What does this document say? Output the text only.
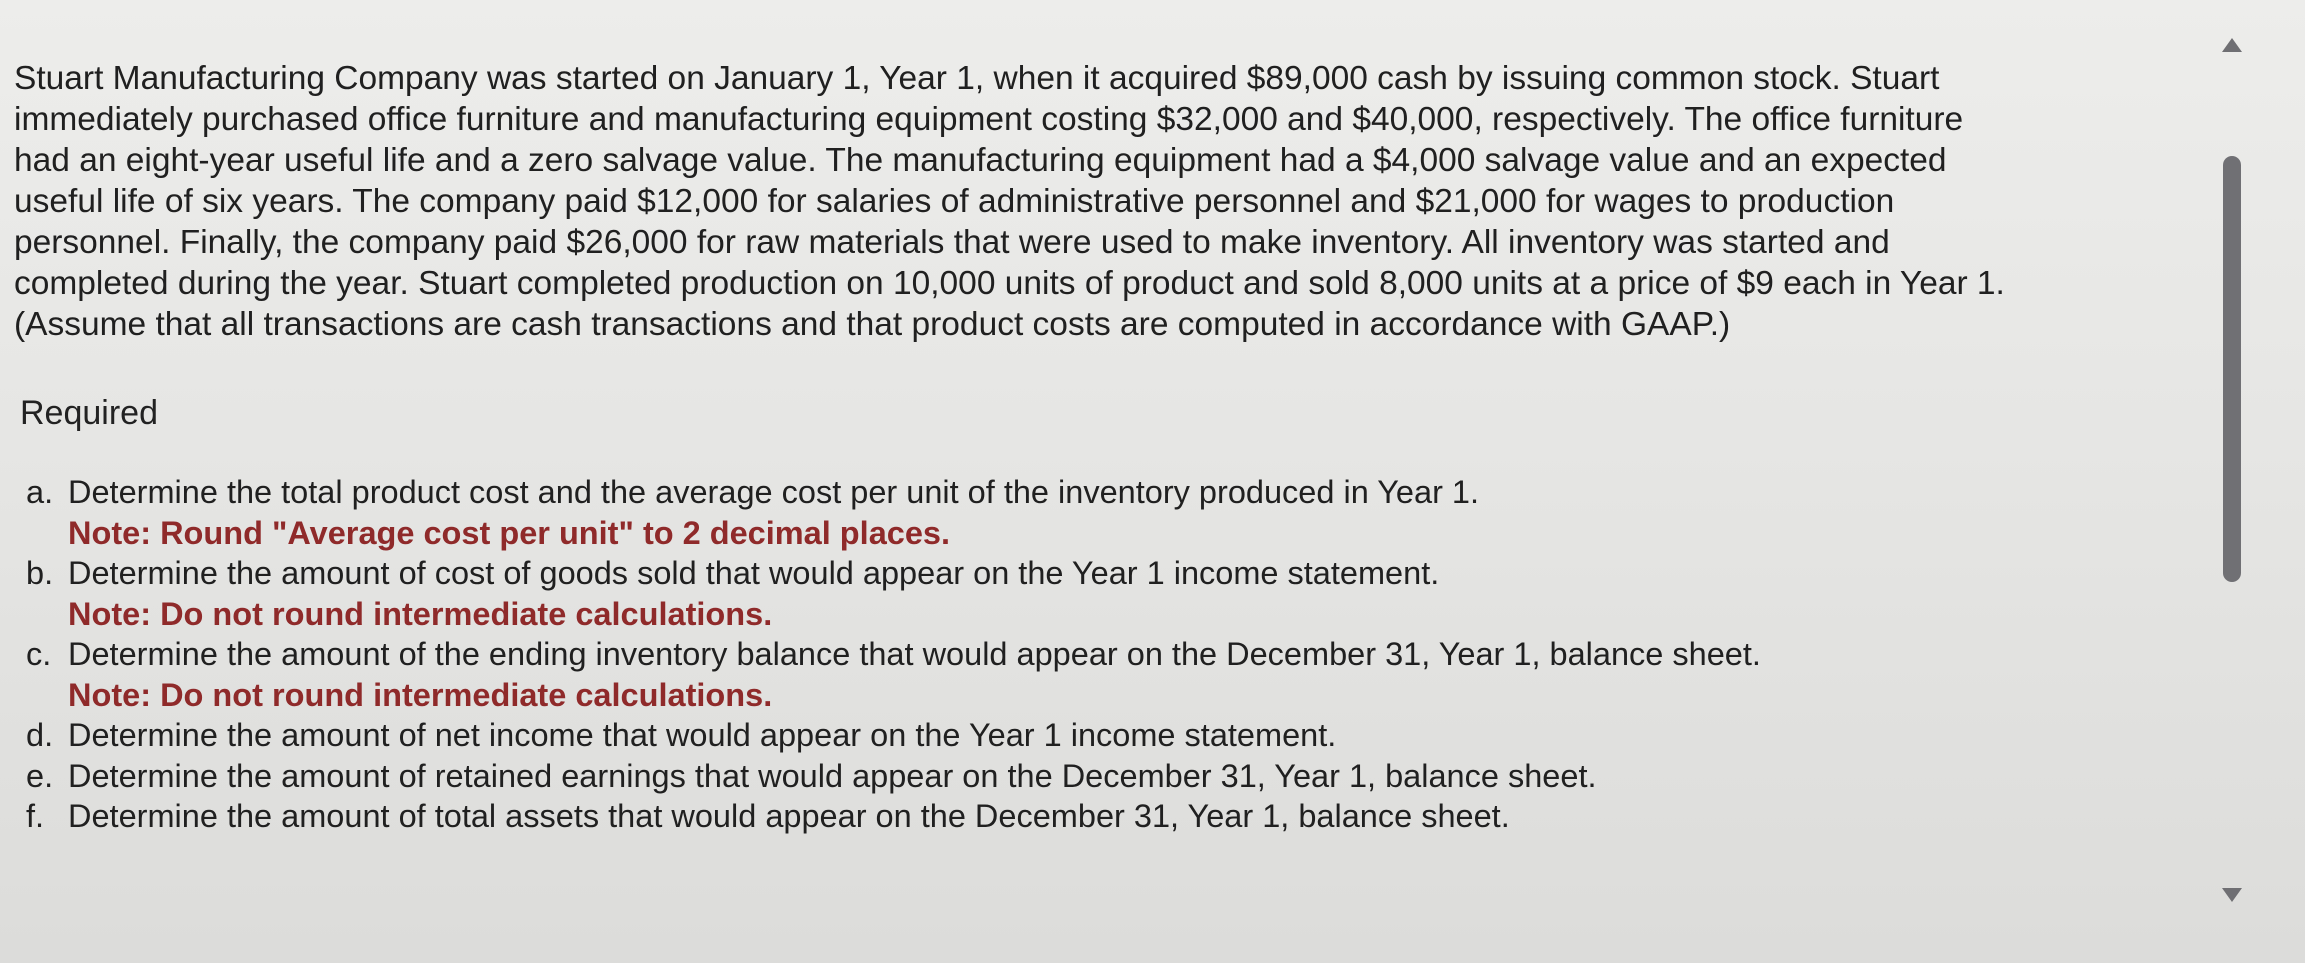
Stuart Manufacturing Company was started on January 1, Year 1, when it acquired $89,000 cash by issuing common stock. Stuart
immediately purchased office furniture and manufacturing equipment costing $32,000 and $40,000, respectively. The office furniture
had an eight-year useful life and a zero salvage value. The manufacturing equipment had a $4,000 salvage value and an expected
useful life of six years. The company paid $12,000 for salaries of administrative personnel and $21,000 for wages to production
personnel. Finally, the company paid $26,000 for raw materials that were used to make inventory. All inventory was started and
completed during the year. Stuart completed production on 10,000 units of product and sold 8,000 units at a price of $9 each in Year 1.
(Assume that all transactions are cash transactions and that product costs are computed in accordance with GAAP.)

Required
a. Determine the total product cost and the average cost per unit of the inventory produced in Year 1.
Note: Round "Average cost per unit" to 2 decimal places.
b. Determine the amount of cost of goods sold that would appear on the Year 1 income statement.
Note: Do not round intermediate calculations.
c. Determine the amount of the ending inventory balance that would appear on the December 31, Year 1, balance sheet.
Note: Do not round intermediate calculations.
d. Determine the amount of net income that would appear on the Year 1 income statement.
e. Determine the amount of retained earnings that would appear on the December 31, Year 1, balance sheet.
f. Determine the amount of total assets that would appear on the December 31, Year 1, balance sheet.
